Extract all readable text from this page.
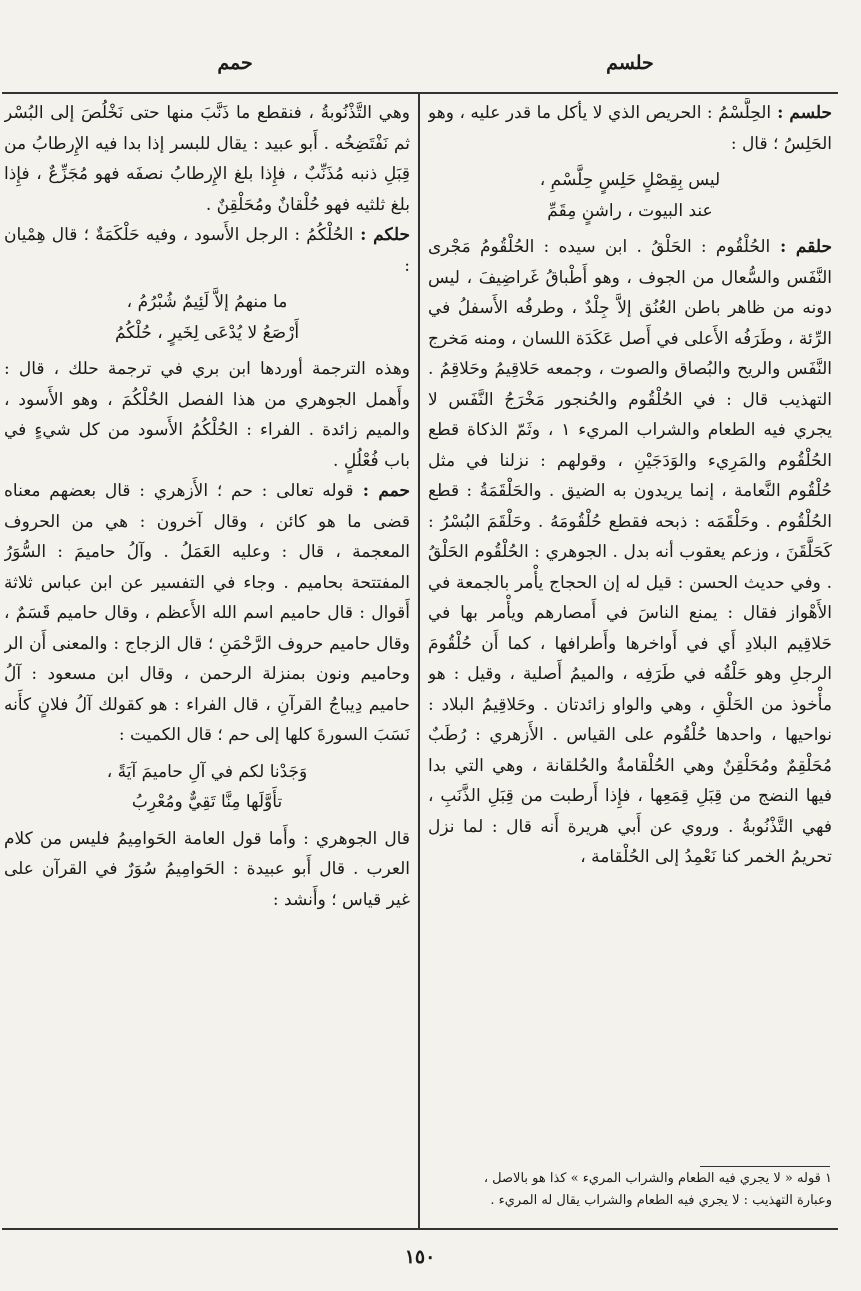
حلسم
حمم

حلسم : الحِلَّسْمُ : الحريص الذي لا يأكل ما قدر عليه ، وهو الحَلِسُ ؛ قال :

ليس بِقِصْلٍ حَلِسٍ حِلَّسْمِ ،
عند البيوت ، راشنٍ مِقَمِّ

حلقم : الحُلْقُوم : الحَلْقُ . ابن سيده : الحُلْقُومُ مَجْرى النَّفَس والسُّعال من الجوف ، وهو أَطْباقُ غَراضِيفَ ، ليس دونه من ظاهر باطن العُنُق إلاَّ جِلْدٌ ، وطرفُه الأَسفلُ في الرِّئة ، وطَرَفُه الأَعلى في أَصل عَكَدَة اللسان ، ومنه مَخرج النَّفَس والريح والبُصاق والصوت ، وجمعه حَلاقِيمُ وحَلاقِمُ . التهذيب قال : في الحُلْقُوم والحُنجور مَخْرَجُ النَّفَس لا يجري فيه الطعام والشراب المريء ١ ، وثَمّ الذكاة قطع الحُلْقُوم والمَرِيء والوَدَجَيْنِ ، وقولهم : نزلنا في مثل حُلْقُوم النَّعامة ، إنما يريدون به الضيق . والحَلْقَمَةُ : قطع الحُلْقُوم . وحَلْقَمَه : ذبحه فقطع حُلْقُومَهُ . وحَلْقَمَ البُسْرُ : كَحَلَّقَنَ ، وزعم يعقوب أنه بدل . الجوهري : الحُلْقُوم الحَلْقُ . وفي حديث الحسن : قيل له إن الحجاج يأْمر بالجمعة في الأَهْواز فقال : يمنع الناسَ في أَمصارهم ويأْمر بها في حَلاقِيم البلادِ أَي في أَواخرها وأَطرافها ، كما أَن حُلْقُومَ الرجلِ وهو حَلْقُه في طَرَفِه ، والميمُ أَصلية ، وقيل : هو مأْخوذ من الحَلْقِ ، وهي والواو زائدتان . وحَلاقِيمُ البلاد : نواحيها ، واحدها حُلْقُوم على القياس . الأَزهري : رُطَبٌ مُحَلْقِمٌ ومُحَلْقِنٌ وهي الحُلْقامةُ والحُلقانة ، وهي التي بدا فيها النضج من قِبَلِ قِمَعِها ، فإِذا أَرطبت من قِبَلِ الذَّنَبِ ، فهي التَّذْنُوبةُ . وروي عن أَبي هريرة أَنه قال : لما نزل تحريمُ الخمر كنا نَعْمِدُ إلى الحُلْقامة ،

١ قوله « لا يجري فيه الطعام والشراب المريء » كذا هو بالاصل ،
وعبارة التهذيب : لا يجري فيه الطعام والشراب يقال له المريء .

وهي التَّذْنُوبةُ ، فنقطع ما ذَنَّبَ منها حتى نَخْلُصَ إلى البُسْر ثم نَفْتَضِخُه . أَبو عبيد : يقال للبسر إذا بدا فيه الإِرطابُ من قِبَلِ ذنبه مُذَنِّبٌ ، فإِذا بلغ الإِرطابُ نصفَه فهو مُجَزِّعٌ ، فإِذا بلغ ثلثيه فهو حُلْقانٌ ومُحَلْقِنٌ .

حلكم : الحُلْكُمُ : الرجل الأَسود ، وفيه حَلْكَمَةٌ ؛ قال هِمْيان :

ما منهمُ إلاَّ لَئِيمٌ شُبْرُمُ ،
أَرْصَعُ لا يُدْعَى لِخَيرٍ ، حُلْكُمُ

وهذه الترجمة أوردها ابن بري في ترجمة حلك ، قال : وأَهمل الجوهري من هذا الفصل الحُلْكُمَ ، وهو الأَسود ، والميم زائدة . الفراء : الحُلْكُمُ الأَسود من كل شيءٍ في باب فُعْلُلٍ .

حمم : قوله تعالى : حم ؛ الأَزهري : قال بعضهم معناه قضى ما هو كائن ، وقال آخرون : هي من الحروف المعجمة ، قال : وعليه العَمَلُ . وآلُ حاميمَ : السُّوَرُ المفتتحة بحاميم . وجاء في التفسير عن ابن عباس ثلاثة أَقوال : قال حاميم اسم الله الأَعظم ، وقال حاميم قَسَمٌ ، وقال حاميم حروف الرَّحْمَنِ ؛ قال الزجاج : والمعنى أَن الر وحاميم ونون بمنزلة الرحمن ، وقال ابن مسعود : آلُ حاميم دِيباجُ القرآنِ ، قال الفراء : هو كقولك آلُ فلانٍ كأَنه نَسَبَ السورةَ كلها إلى حم ؛ قال الكميت :

وَجَدْنا لكم في آلِ حاميمَ آيَةً ،
تأَوَّلَها مِنَّا تَقِيٌّ ومُعْرِبُ

قال الجوهري : وأَما قول العامة الحَوامِيمُ فليس من كلام العرب . قال أَبو عبيدة : الحَوامِيمُ سُوَرٌ في القرآن على غير قياس ؛ وأَنشد :

١٥٠
